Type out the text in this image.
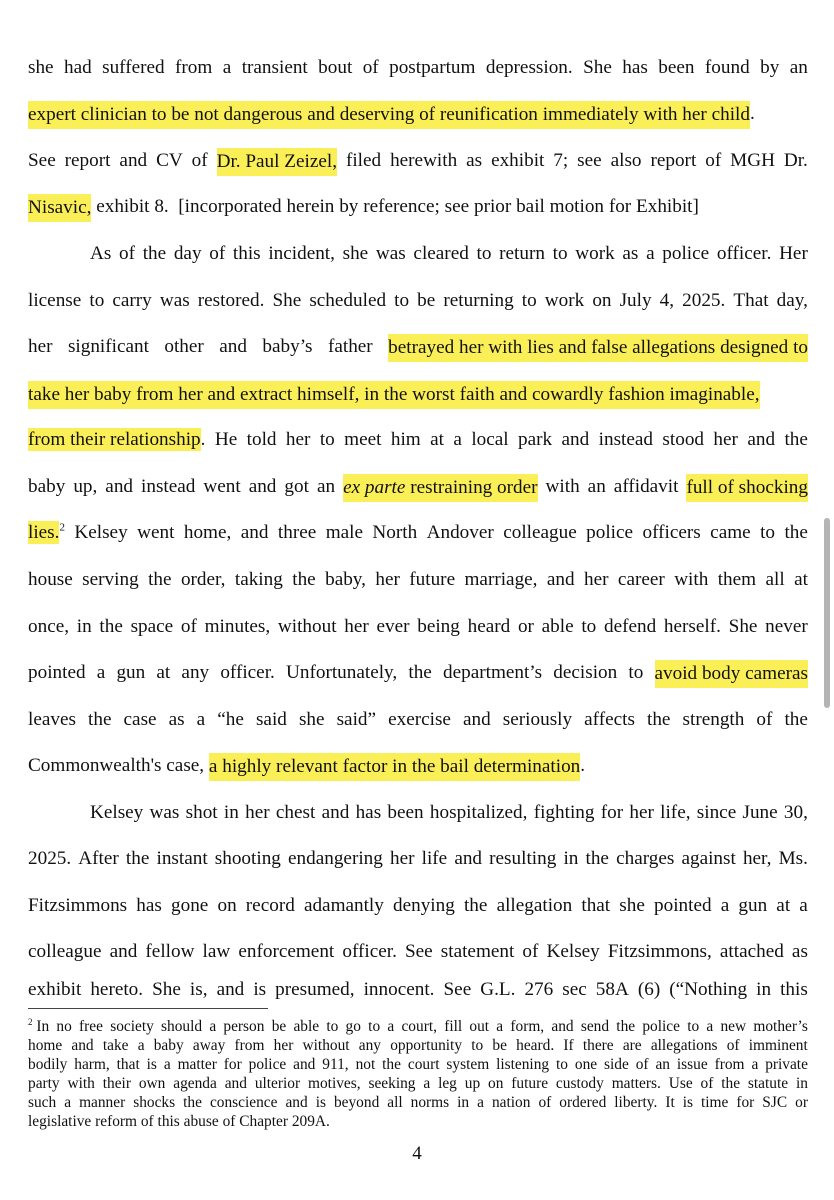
she had suffered from a transient bout of postpartum depression. She has been found by an
expert clinician to be not dangerous and deserving of reunification immediately with her child .
See report and CV of Dr. Paul Zeizel, filed herewith as exhibit 7; see also report of MGH Dr.
Nisavic,
exhibit
8.
[incorporated
herein
by
reference;
see
prior
bail
motion
for
Exhibit]
As of the day of this incident, she was cleared to return to work as a police officer. Her
license to carry was restored. She scheduled to be returning to work on July 4, 2025. That day,
her significant other and baby’s father betrayed her with lies and false allegations designed to
take her baby from her and extract himself, in the worst faith and cowardly fashion imaginable,
from their relationship. He told her to meet him at a local park and instead stood her and the
baby up, and instead went and got an ex parte restraining order with an affidavit full of shocking
lies.$^2$ Kelsey went home, and three male North Andover colleague police officers came to the
house serving the order, taking the baby, her future marriage, and her career with them all at
once, in the space of minutes, without her ever being heard or able to defend herself. She never
pointed a gun at any officer. Unfortunately, the department’s decision to avoid body cameras
leaves the case as a “he said she said” exercise and seriously affects the strength of the
Commonwealth's case,
a highly relevant factor in the bail determination .
Kelsey was shot in her chest and has been hospitalized, fighting for her life, since June 30,
2025. After the instant shooting endangering her life and resulting in the charges against her, Ms.
Fitzsimmons has gone on record adamantly denying the allegation that she pointed a gun at a
colleague and fellow law enforcement officer. See statement of Kelsey Fitzsimmons, attached as
exhibit hereto. She is, and is presumed, innocent. See G.L. 276 sec 58A (6) (“Nothing in this
$^2$ In no free society should a person be able to go to a court, fill out a form, and send the police to a new mother’s
home and take a baby away from her without any opportunity to be heard. If there are allegations of imminent
bodily harm, that is a matter for police and 911, not the court system listening to one side of an issue from a private
party with their own agenda and ulterior motives, seeking a leg up on future custody matters. Use of the statute in
such a manner shocks the conscience and is beyond all norms in a nation of ordered liberty. It is time for SJC or
legislative
reform
of
this
abuse
of
Chapter
209A.
4
